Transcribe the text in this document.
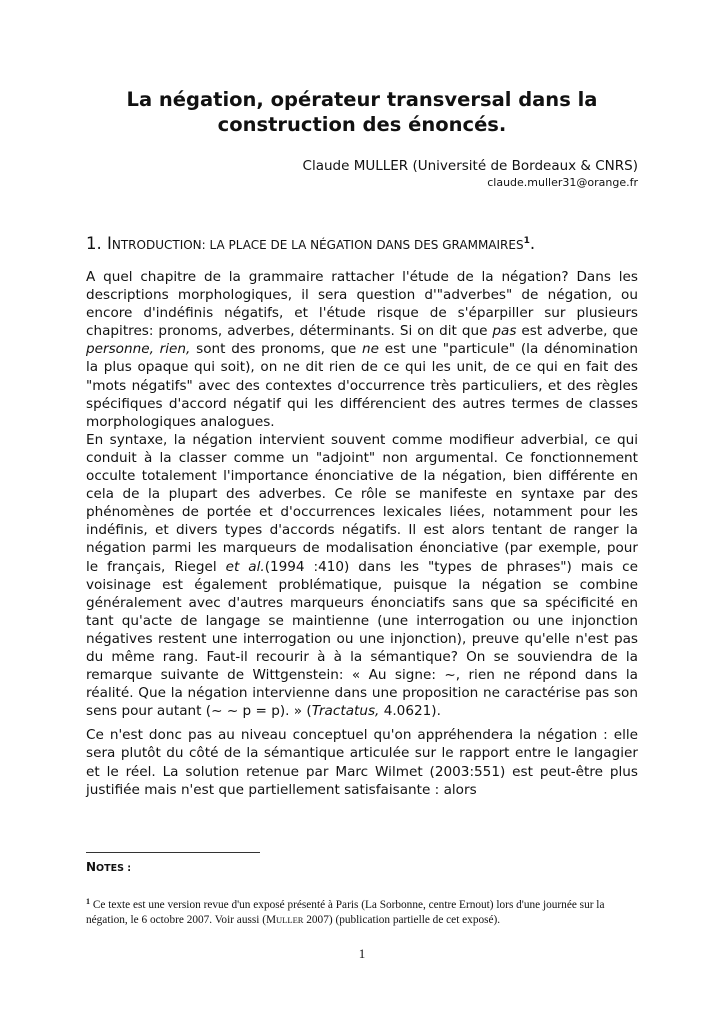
La négation, opérateur transversal dans la construction des énoncés.
Claude MULLER (Université de Bordeaux & CNRS)
claude.muller31@orange.fr
1. INTRODUCTION: LA PLACE DE LA NÉGATION DANS DES GRAMMAIRES$^1$.

A quel chapitre de la grammaire rattacher l'étude de la négation? Dans les descriptions morphologiques, il sera question d'"adverbes" de négation, ou encore d'indéfinis négatifs, et l'étude risque de s'éparpiller sur plusieurs chapitres: pronoms, adverbes, déterminants. Si on dit que pas est adverbe, que personne, rien, sont des pronoms, que ne est une "particule" (la dénomination la plus opaque qui soit), on ne dit rien de ce qui les unit, de ce qui en fait des "mots négatifs" avec des contextes d'occurrence très particuliers, et des règles spécifiques d'accord négatif qui les différencient des autres termes de classes morphologiques analogues.

En syntaxe, la négation intervient souvent comme modifieur adverbial, ce qui conduit à la classer comme un "adjoint" non argumental. Ce fonctionnement occulte totalement l'importance énonciative de la négation, bien différente en cela de la plupart des adverbes. Ce rôle se manifeste en syntaxe par des phénomènes de portée et d'occurrences lexicales liées, notamment pour les indéfinis, et divers types d'accords négatifs. Il est alors tentant de ranger la négation parmi les marqueurs de modalisation énonciative (par exemple, pour le français, Riegel et al.(1994 :410) dans les "types de phrases") mais ce voisinage est également problématique, puisque la négation se combine généralement avec d'autres marqueurs énonciatifs sans que sa spécificité en tant qu'acte de langage se maintienne (une interrogation ou une injonction négatives restent une interrogation ou une injonction), preuve qu'elle n'est pas du même rang. Faut-il recourir à à la sémantique? On se souviendra de la remarque suivante de Wittgenstein: « Au signe: ~, rien ne répond dans la réalité. Que la négation intervienne dans une proposition ne caractérise pas son sens pour autant (~ ~ p = p). » (Tractatus, 4.0621).

Ce n'est donc pas au niveau conceptuel qu'on appréhendera la négation : elle sera plutôt du côté de la sémantique articulée sur le rapport entre le langagier et le réel. La solution retenue par Marc Wilmet (2003:551) est peut-être plus justifiée mais n'est que partiellement satisfaisante : alors

NOTES :
$^1$ Ce texte est une version revue d'un exposé présenté à Paris (La Sorbonne, centre Ernout) lors d'une journée sur la négation, le 6 octobre 2007. Voir aussi (MULLER 2007) (publication partielle de cet exposé).
1
